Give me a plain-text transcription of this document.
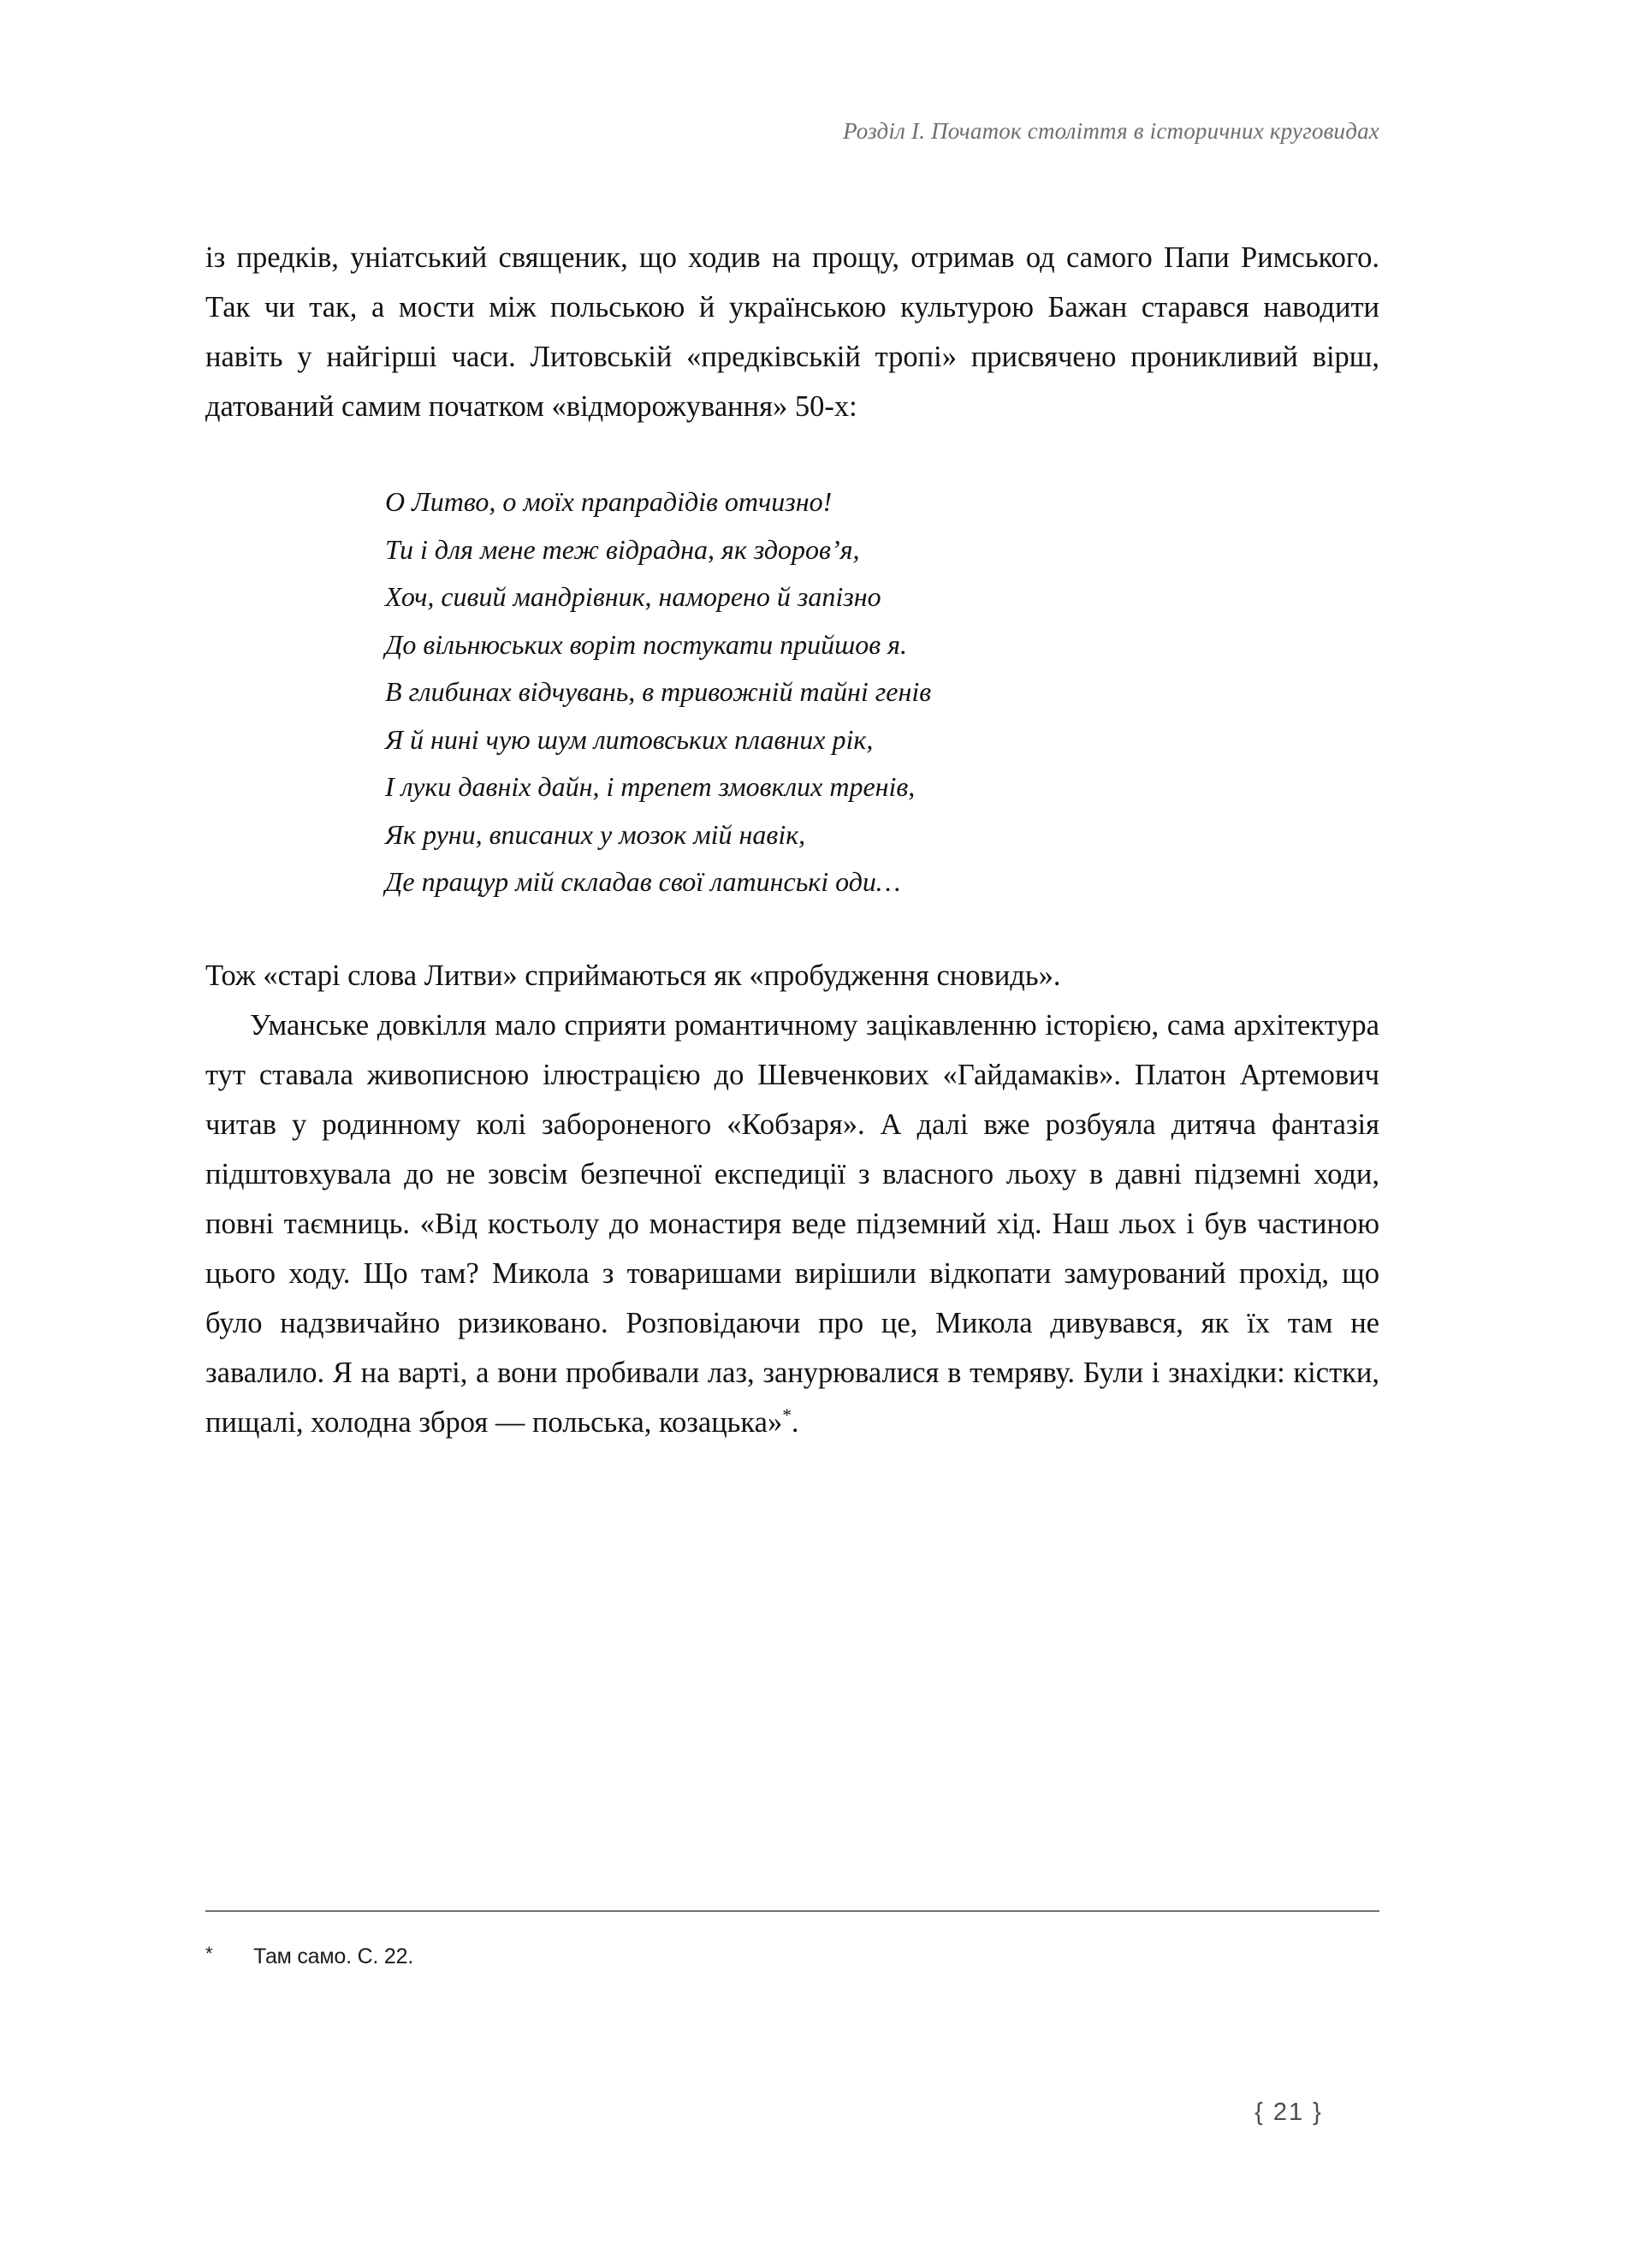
Розділ I. Початок століття в історичних круговидах

із предків, уніатський священик, що ходив на прощу, отримав од самого Папи Римського. Так чи так, а мости між польською й українською культурою Бажан старався наводити навіть у найгірші часи. Литовській «предківській тропі» присвячено проникливий вірш, датований самим початком «відморожування» 50-х:

О Литво, о моїх прапрадідів отчизно!
Ти і для мене теж відрадна, як здоров’я,
Хоч, сивий мандрівник, наморено й запізно
До вільнюських воріт постукати прийшов я.
В глибинах відчувань, в тривожній тайні генів
Я й нині чую шум литовських плавних рік,
І луки давніх дайн, і трепет змовклих тренів,
Як руни, вписаних у мозок мій навік,
Де пращур мій складав свої латинські оди…

Тож «старі слова Литви» сприймаються як «пробудження сновидь».

Уманське довкілля мало сприяти романтичному зацікавленню історією, сама архітектура тут ставала живописною ілюстрацією до Шевченкових «Гайдамаків». Платон Артемович читав у родинному колі забороненого «Кобзаря». А далі вже розбуяла дитяча фантазія підштовхувала до не зовсім безпечної експедиції з власного льоху в давні підземні ходи, повні таємниць. «Від костьолу до монастиря веде підземний хід. Наш льох і був частиною цього ходу. Що там? Микола з товаришами вирішили відкопати замурований прохід, що було надзвичайно ризиковано. Розповідаючи про це, Микола дивувався, як їх там не завалило. Я на варті, а вони пробивали лаз, занурювалися в темряву. Були і знахідки: кістки, пищалі, холодна зброя — польська, козацька»*.

*	Там само. С. 22.
{ 21 }
